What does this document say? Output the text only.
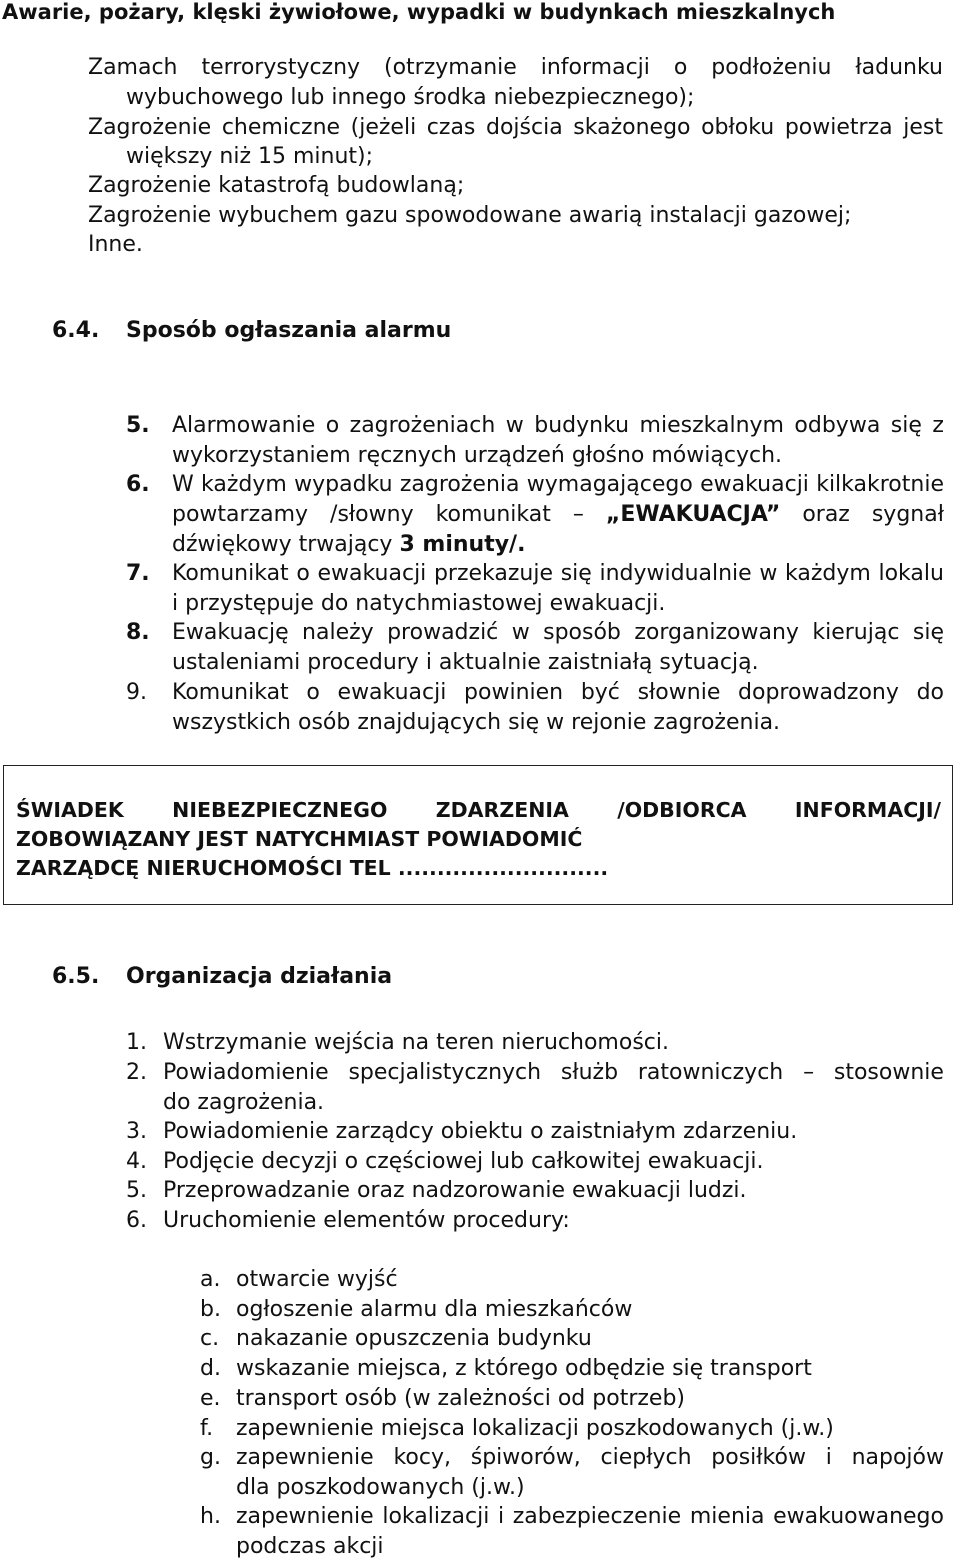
Awarie, pożary, klęski żywiołowe, wypadki w budynkach mieszkalnych
Zamach terrorystyczny (otrzymanie informacji o podłożeniu ładunku
wybuchowego lub innego środka niebezpiecznego);
Zagrożenie chemiczne (jeżeli czas dojścia skażonego obłoku powietrza jest
większy niż 15 minut);
Zagrożenie katastrofą budowlaną;
Zagrożenie wybuchem gazu spowodowane awarią instalacji gazowej;
Inne.
6.4. Sposób ogłaszania alarmu
5. Alarmowanie o zagrożeniach w budynku mieszkalnym odbywa się z
wykorzystaniem ręcznych urządzeń głośno mówiących.
6. W każdym wypadku zagrożenia wymagającego ewakuacji kilkakrotnie
powtarzamy /słowny komunikat – „EWAKUACJA” oraz sygnał
dźwiękowy trwający 3 minuty/.
7. Komunikat o ewakuacji przekazuje się indywidualnie w każdym lokalu
i przystępuje do natychmiastowej ewakuacji.
8. Ewakuację należy prowadzić w sposób zorganizowany kierując się
ustaleniami procedury i aktualnie zaistniałą sytuacją.
9. Komunikat o ewakuacji powinien być słownie doprowadzony do
wszystkich osób znajdujących się w rejonie zagrożenia.
ŚWIADEK NIEBEZPIECZNEGO ZDARZENIA /ODBIORCA INFORMACJI/
ZOBOWIĄZANY JEST NATYCHMIAST POWIADOMIĆ
ZARZĄDCĘ NIERUCHOMOŚCI TEL ...........................
6.5. Organizacja działania
1. Wstrzymanie wejścia na teren nieruchomości.
2. Powiadomienie specjalistycznych służb ratowniczych – stosownie
do zagrożenia.
3. Powiadomienie zarządcy obiektu o zaistniałym zdarzeniu.
4. Podjęcie decyzji o częściowej lub całkowitej ewakuacji.
5. Przeprowadzanie oraz nadzorowanie ewakuacji ludzi.
6. Uruchomienie elementów procedury:
a. otwarcie wyjść
b. ogłoszenie alarmu dla mieszkańców
c. nakazanie opuszczenia budynku
d. wskazanie miejsca, z którego odbędzie się transport
e. transport osób (w zależności od potrzeb)
f. zapewnienie miejsca lokalizacji poszkodowanych (j.w.)
g. zapewnienie kocy, śpiworów, ciepłych posiłków i napojów
dla poszkodowanych (j.w.)
h. zapewnienie lokalizacji i zabezpieczenie mienia ewakuowanego
podczas akcji
